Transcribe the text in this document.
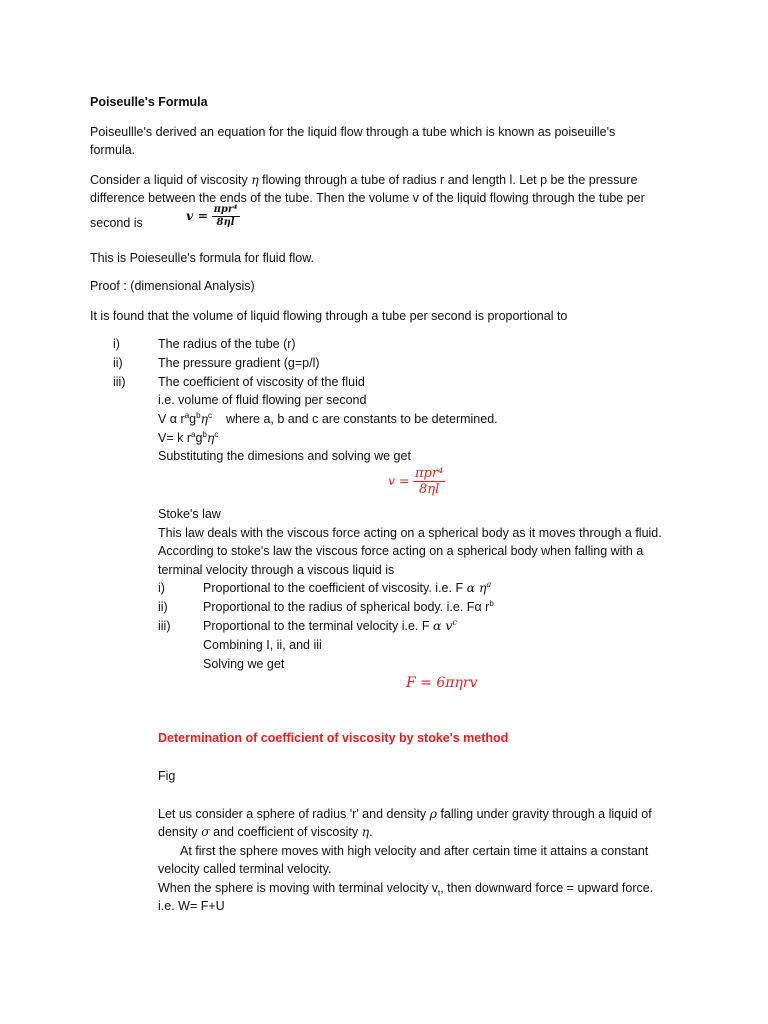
Poiseulle's Formula
Poiseullle's derived an equation for the liquid flow through a tube which is known as poiseuille's
formula.
Consider a liquid of viscosity η flowing through a tube of radius r and length l. Let p be the pressure
difference between the ends of the tube. Then the volume v of the liquid flowing through the tube per
second is
$v = \frac{\text{πpr⁴}}{8\eta l}$
This is Poieseulle's formula for fluid flow.
Proof : (dimensional Analysis)
It is found that the volume of liquid flowing through a tube per second is proportional to
i)	The radius of the tube (r)
ii)	The pressure gradient (g=p/l)
iii)	The coefficient of viscosity of the fluid
i.e. volume of fluid flowing per second
V α $r^ag^b\eta^c$    where a, b and c are constants to be determined.
V= k $r^ag^b\eta^c$
Substituting the dimesions and solving we get
$v = \frac{\text{πpr⁴}}{8\eta l}$
Stoke's law
This law deals with the viscous force acting on a spherical body as it moves through a fluid.
According to stoke's law the viscous force acting on a spherical body when falling with a
terminal velocity through a viscous liquid is
i)	Proportional to the coefficient of viscosity. i.e. F α $\eta^a$
ii)	Proportional to the radius of spherical body. i.e. Fα $r^b$
iii)	Proportional to the terminal velocity i.e. F α $v^c$
Combining I, ii, and iii
Solving we get
F = 6πηrv
Determination of coefficient of viscosity by stoke's method
Fig
Let us consider a sphere of radius 'r' and density ρ falling under gravity through a liquid of
density σ and coefficient of viscosity η.
At first the sphere moves with high velocity and after certain time it attains a constant
velocity called terminal velocity.
When the sphere is moving with terminal velocity $v_t$, then downward force = upward force.
i.e. W= F+U
